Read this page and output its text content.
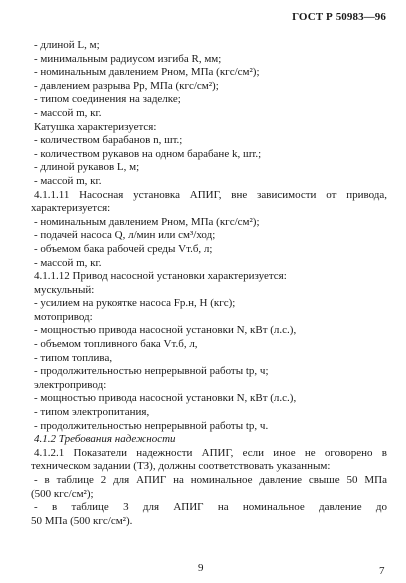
ГОСТ Р 50983—96
- длиной L, м;
- минимальным радиусом изгиба R, мм;
- номинальным давлением Pном, МПа (кгс/см²);
- давлением разрыва Pр, МПа (кгс/см²);
- типом соединения на заделке;
- массой m, кг.
Катушка характеризуется:
- количеством барабанов n, шт.;
- количеством рукавов на одном барабане k, шт.;
- длиной рукавов L, м;
- массой m, кг.
4.1.1.11 Насосная установка АПИГ, вне зависимости от привода,
характеризуется:
- номинальным давлением Pном, МПа (кгс/см²);
- подачей насоса Q, л/мин или см³/ход;
- объемом бака рабочей среды Vт.б, л;
- массой m, кг.
4.1.1.12 Привод насосной установки характеризуется:
мускульный:
- усилием на рукоятке насоса Fр.н, Н (кгс);
мотопривод:
- мощностью привода насосной установки N, кВт (л.с.),
- объемом топливного бака Vт.б, л,
- типом топлива,
- продолжительностью непрерывной работы tр, ч;
электропривод:
- мощностью привода насосной установки N, кВт (л.с.),
- типом электропитания,
- продолжительностью непрерывной работы tр, ч.
4.1.2 Требования надежности
4.1.2.1 Показатели надежности АПИГ, если иное не оговорено в
техническом задании (ТЗ), должны соответствовать указанным:
- в таблице 2 для АПИГ на номинальное давление свыше 50 МПа
(500 кгс/см²);
- в таблице 3 для АПИГ на номинальное давление до
50 МПа (500 кгс/см²).
9	7
